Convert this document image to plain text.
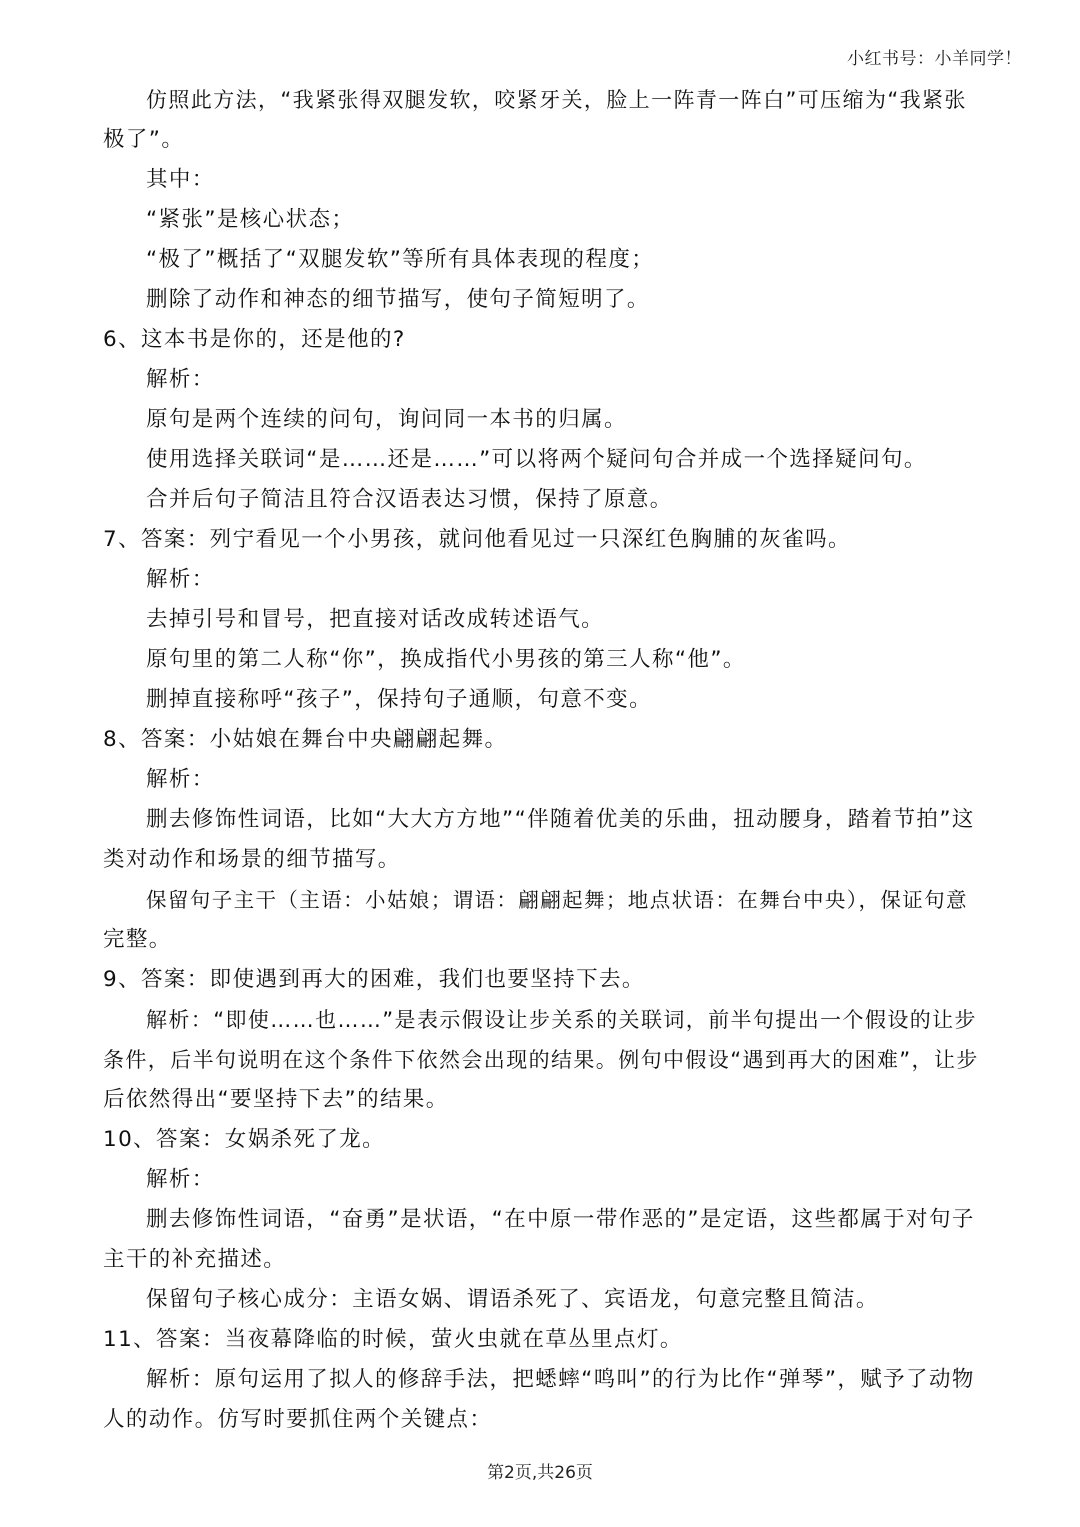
小红书号：小羊同学！

仿照此方法，“我紧张得双腿发软，咬紧牙关，脸上一阵青一阵白”可压缩为“我紧张

极了”。

其中：

“紧张”是核心状态；

“极了”概括了“双腿发软”等所有具体表现的程度；

删除了动作和神态的细节描写，使句子简短明了。

6、这本书是你的，还是他的?

解析：

原句是两个连续的问句，询问同一本书的归属。

使用选择关联词“是……还是……”可以将两个疑问句合并成一个选择疑问句。

合并后句子简洁且符合汉语表达习惯，保持了原意。

7、答案：列宁看见一个小男孩，就问他看见过一只深红色胸脯的灰雀吗。

解析：

去掉引号和冒号，把直接对话改成转述语气。

原句里的第二人称“你”，换成指代小男孩的第三人称“他”。

删掉直接称呼“孩子”，保持句子通顺，句意不变。

8、答案：小姑娘在舞台中央翩翩起舞。

解析：

删去修饰性词语，比如“大大方方地”“伴随着优美的乐曲，扭动腰身，踏着节拍”这

类对动作和场景的细节描写。

保留句子主干（主语：小姑娘；谓语：翩翩起舞；地点状语：在舞台中央），保证句意

完整。

9、答案：即使遇到再大的困难，我们也要坚持下去。

解析：“即使……也……”是表示假设让步关系的关联词，前半句提出一个假设的让步

条件，后半句说明在这个条件下依然会出现的结果。例句中假设“遇到再大的困难”，让步

后依然得出“要坚持下去”的结果。

10、答案：女娲杀死了龙。

解析：

删去修饰性词语，“奋勇”是状语，“在中原一带作恶的”是定语，这些都属于对句子

主干的补充描述。

保留句子核心成分：主语女娲、谓语杀死了、宾语龙，句意完整且简洁。

11、答案：当夜幕降临的时候，萤火虫就在草丛里点灯。

解析：原句运用了拟人的修辞手法，把蟋蟀“鸣叫”的行为比作“弹琴”，赋予了动物

人的动作。仿写时要抓住两个关键点：

第2页,共26页
